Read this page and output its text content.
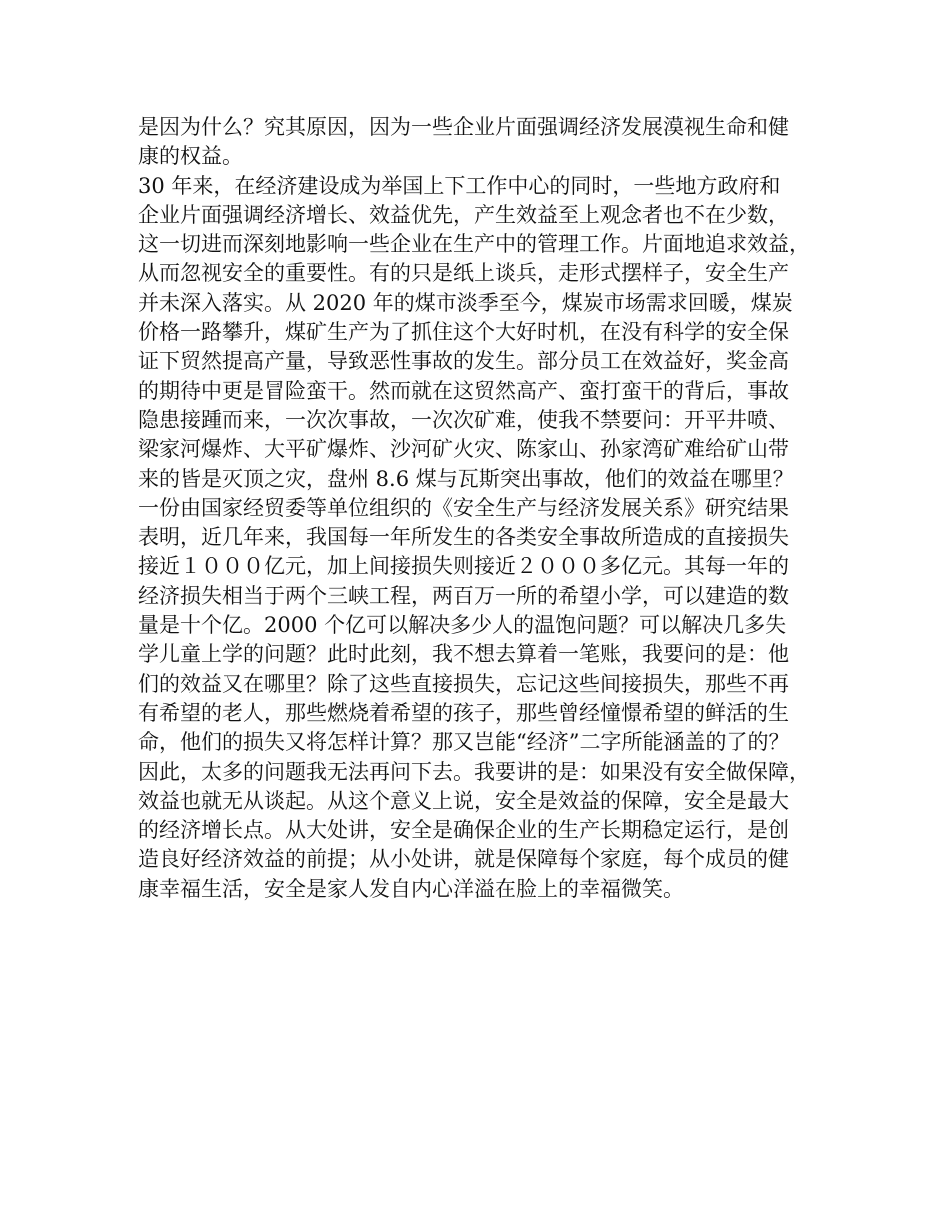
是因为什么？究其原因，因为一些企业片面强调经济发展漠视生命和健
康的权益。
30 年来，在经济建设成为举国上下工作中心的同时，一些地方政府和
企业片面强调经济增长、效益优先，产生效益至上观念者也不在少数，
这一切进而深刻地影响一些企业在生产中的管理工作。片面地追求效益，
从而忽视安全的重要性。有的只是纸上谈兵，走形式摆样子，安全生产
并未深入落实。从 2020 年的煤市淡季至今，煤炭市场需求回暖，煤炭
价格一路攀升，煤矿生产为了抓住这个大好时机，在没有科学的安全保
证下贸然提高产量，导致恶性事故的发生。部分员工在效益好，奖金高
的期待中更是冒险蛮干。然而就在这贸然高产、蛮打蛮干的背后，事故
隐患接踵而来，一次次事故，一次次矿难，使我不禁要问：开平井喷、
梁家河爆炸、大平矿爆炸、沙河矿火灾、陈家山、孙家湾矿难给矿山带
来的皆是灭顶之灾，盘州 8.6 煤与瓦斯突出事故，他们的效益在哪里？
一份由国家经贸委等单位组织的《安全生产与经济发展关系》研究结果
表明，近几年来，我国每一年所发生的各类安全事故所造成的直接损失
接近１０００亿元，加上间接损失则接近２０００多亿元。其每一年的
经济损失相当于两个三峡工程，两百万一所的希望小学，可以建造的数
量是十个亿。2000 个亿可以解决多少人的温饱问题？可以解决几多失
学儿童上学的问题？此时此刻，我不想去算着一笔账，我要问的是：他
们的效益又在哪里？除了这些直接损失，忘记这些间接损失，那些不再
有希望的老人，那些燃烧着希望的孩子，那些曾经憧憬希望的鲜活的生
命，他们的损失又将怎样计算？那又岂能“经济”二字所能涵盖的了的？
因此，太多的问题我无法再问下去。我要讲的是：如果没有安全做保障，
效益也就无从谈起。从这个意义上说，安全是效益的保障，安全是最大
的经济增长点。从大处讲，安全是确保企业的生产长期稳定运行，是创
造良好经济效益的前提；从小处讲，就是保障每个家庭，每个成员的健
康幸福生活，安全是家人发自内心洋溢在脸上的幸福微笑。
